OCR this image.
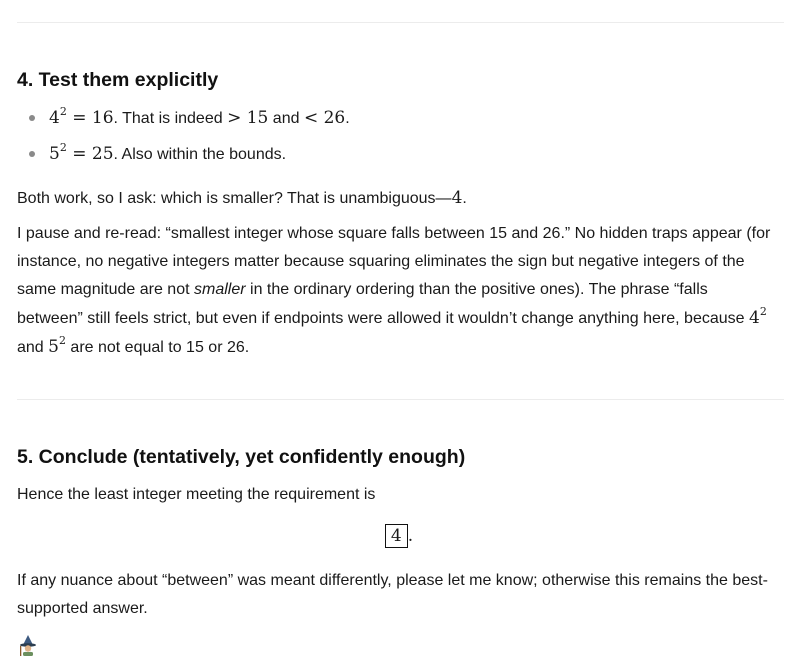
4. Test them explicitly
$4^2 = 16$. That is indeed > 15 and < 26.
$5^2 = 25$. Also within the bounds.

Both work, so I ask: which is smaller? That is unambiguous—4.

I pause and re-read: “smallest integer whose square falls between 15 and 26.” No hidden traps appear (for instance, no negative integers matter because squaring eliminates the sign but negative integers of the same magnitude are not smaller in the ordinary ordering than the positive ones). The phrase “falls between” still feels strict, but even if endpoints were allowed it wouldn’t change anything here, because $4^2$ and $5^2$ are not equal to 15 or 26.

5. Conclude (tentatively, yet confidently enough)

Hence the least integer meeting the requirement is

4 .

If any nuance about “between” was meant differently, please let me know; otherwise this remains the best-supported answer.
